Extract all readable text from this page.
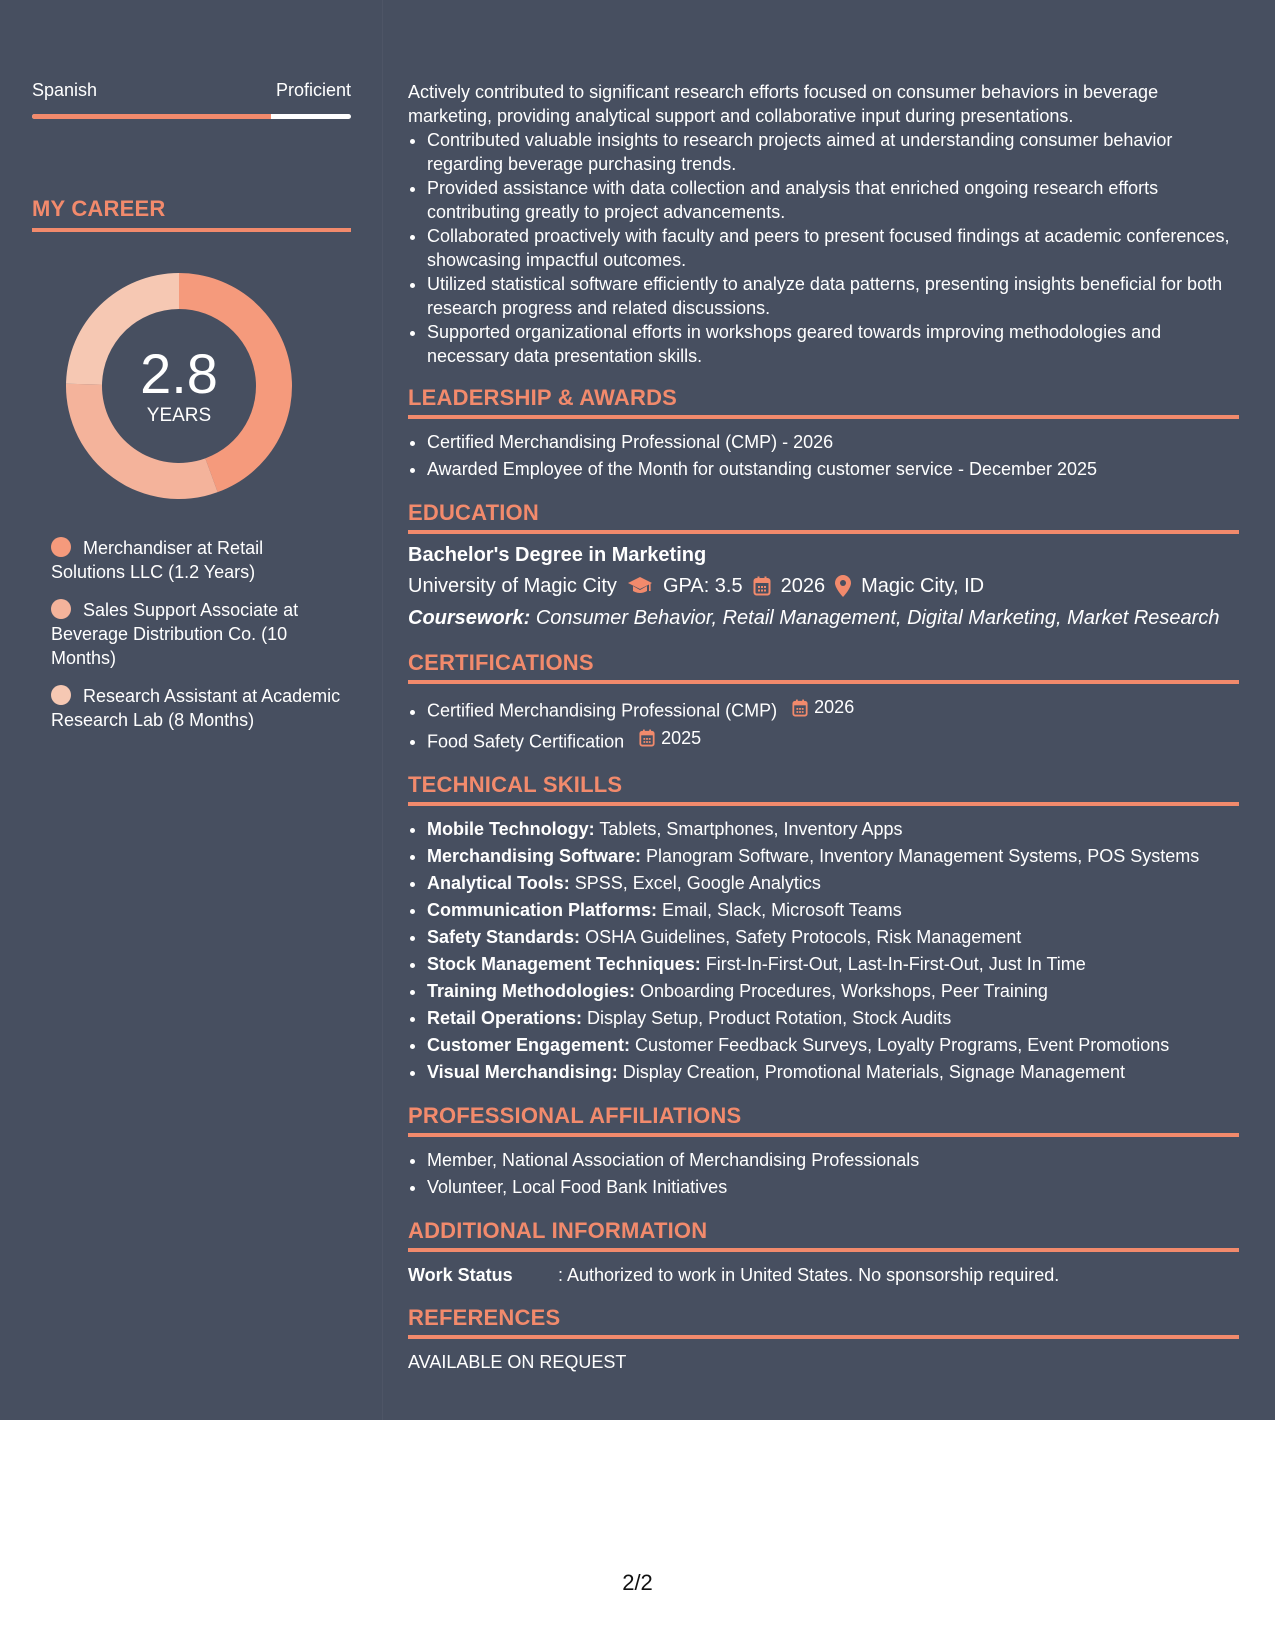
Spanish	Proficient
MY CAREER
2.8
YEARS
Merchandiser at Retail Solutions LLC (1.2 Years)
Sales Support Associate at Beverage Distribution Co. (10 Months)
Research Assistant at Academic Research Lab (8 Months)

Actively contributed to significant research efforts focused on consumer behaviors in beverage marketing, providing analytical support and collaborative input during presentations.

• Contributed valuable insights to research projects aimed at understanding consumer behavior regarding beverage purchasing trends.
• Provided assistance with data collection and analysis that enriched ongoing research efforts contributing greatly to project advancements.
• Collaborated proactively with faculty and peers to present focused findings at academic conferences, showcasing impactful outcomes.
• Utilized statistical software efficiently to analyze data patterns, presenting insights beneficial for both research progress and related discussions.
• Supported organizational efforts in workshops geared towards improving methodologies and necessary data presentation skills.
LEADERSHIP & AWARDS
• Certified Merchandising Professional (CMP) - 2026
• Awarded Employee of the Month for outstanding customer service - December 2025
EDUCATION
Bachelor's Degree in Marketing
University of Magic City GPA: 3.5 2026 Magic City, ID
Coursework: Consumer Behavior, Retail Management, Digital Marketing, Market Research
CERTIFICATIONS
• Certified Merchandising Professional (CMP) 2026
• Food Safety Certification 2025
TECHNICAL SKILLS
• Mobile Technology: Tablets, Smartphones, Inventory Apps
• Merchandising Software: Planogram Software, Inventory Management Systems, POS Systems
• Analytical Tools: SPSS, Excel, Google Analytics
• Communication Platforms: Email, Slack, Microsoft Teams
• Safety Standards: OSHA Guidelines, Safety Protocols, Risk Management
• Stock Management Techniques: First-In-First-Out, Last-In-First-Out, Just In Time
• Training Methodologies: Onboarding Procedures, Workshops, Peer Training
• Retail Operations: Display Setup, Product Rotation, Stock Audits
• Customer Engagement: Customer Feedback Surveys, Loyalty Programs, Event Promotions
• Visual Merchandising: Display Creation, Promotional Materials, Signage Management
PROFESSIONAL AFFILIATIONS
• Member, National Association of Merchandising Professionals
• Volunteer, Local Food Bank Initiatives
ADDITIONAL INFORMATION
Work Status	: Authorized to work in United States. No sponsorship required.
REFERENCES
AVAILABLE ON REQUEST
2/2
